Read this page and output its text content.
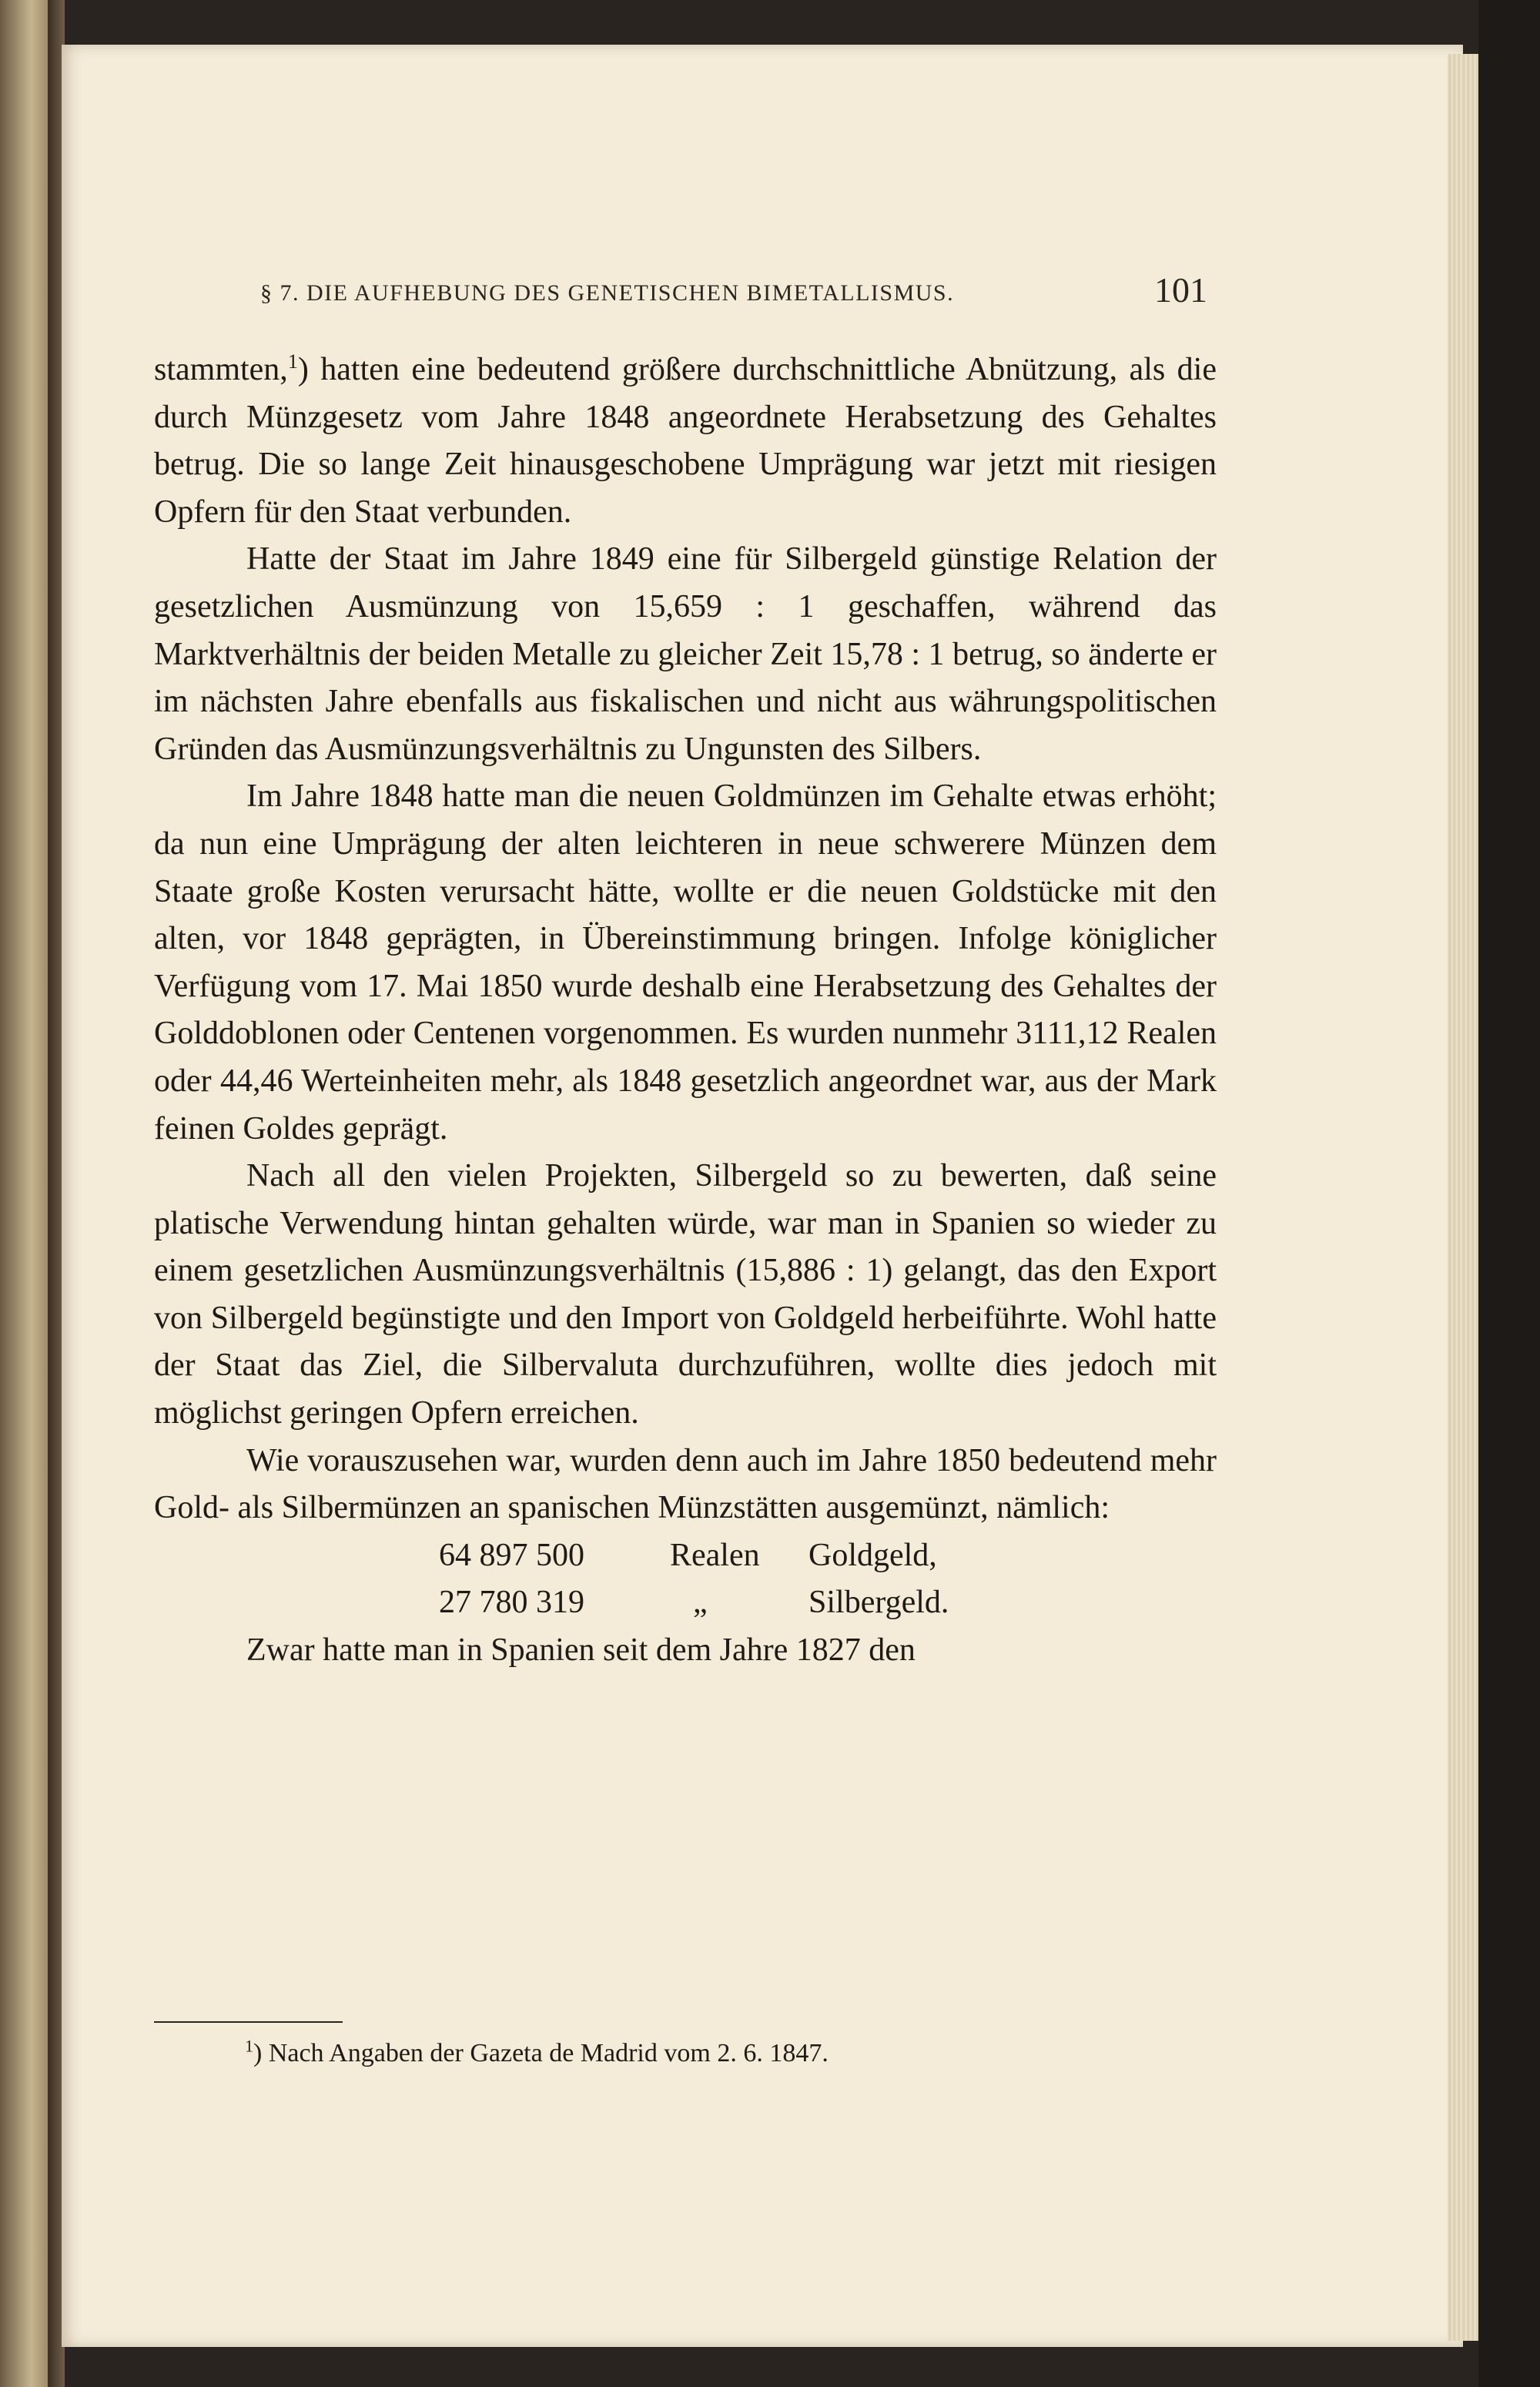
§ 7. DIE AUFHEBUNG DES GENETISCHEN BIMETALLISMUS.	101

stammten,$^1$) hatten eine bedeutend größere durchschnittliche Abnützung, als die durch Münzgesetz vom Jahre 1848 angeordnete Herabsetzung des Gehaltes betrug. Die so lange Zeit hinausgeschobene Umprägung war jetzt mit riesigen Opfern für den Staat verbunden.

Hatte der Staat im Jahre 1849 eine für Silbergeld günstige Relation der gesetzlichen Ausmünzung von 15,659 : 1 geschaffen, während das Marktverhältnis der beiden Metalle zu gleicher Zeit 15,78 : 1 betrug, so änderte er im nächsten Jahre ebenfalls aus fiskalischen und nicht aus währungspolitischen Gründen das Ausmünzungsverhältnis zu Ungunsten des Silbers.

Im Jahre 1848 hatte man die neuen Goldmünzen im Gehalte etwas erhöht; da nun eine Umprägung der alten leichteren in neue schwerere Münzen dem Staate große Kosten verursacht hätte, wollte er die neuen Goldstücke mit den alten, vor 1848 geprägten, in Übereinstimmung bringen. Infolge königlicher Verfügung vom 17. Mai 1850 wurde deshalb eine Herabsetzung des Gehaltes der Golddoblonen oder Centenen vorgenommen. Es wurden nunmehr 3111,12 Realen oder 44,46 Werteinheiten mehr, als 1848 gesetzlich angeordnet war, aus der Mark feinen Goldes geprägt.

Nach all den vielen Projekten, Silbergeld so zu bewerten, daß seine platische Verwendung hintan gehalten würde, war man in Spanien so wieder zu einem gesetzlichen Ausmünzungsverhältnis (15,886 : 1) gelangt, das den Export von Silbergeld begünstigte und den Import von Goldgeld herbeiführte. Wohl hatte der Staat das Ziel, die Silbervaluta durchzuführen, wollte dies jedoch mit möglichst geringen Opfern erreichen.

Wie vorauszusehen war, wurden denn auch im Jahre 1850 bedeutend mehr Gold- als Silbermünzen an spanischen Münzstätten ausgemünzt, nämlich:

64 897 500	Realen	Goldgeld,
27 780 319	„	Silbergeld.

Zwar hatte man in Spanien seit dem Jahre 1827 den

$^1$) Nach Angaben der Gazeta de Madrid vom 2. 6. 1847.
